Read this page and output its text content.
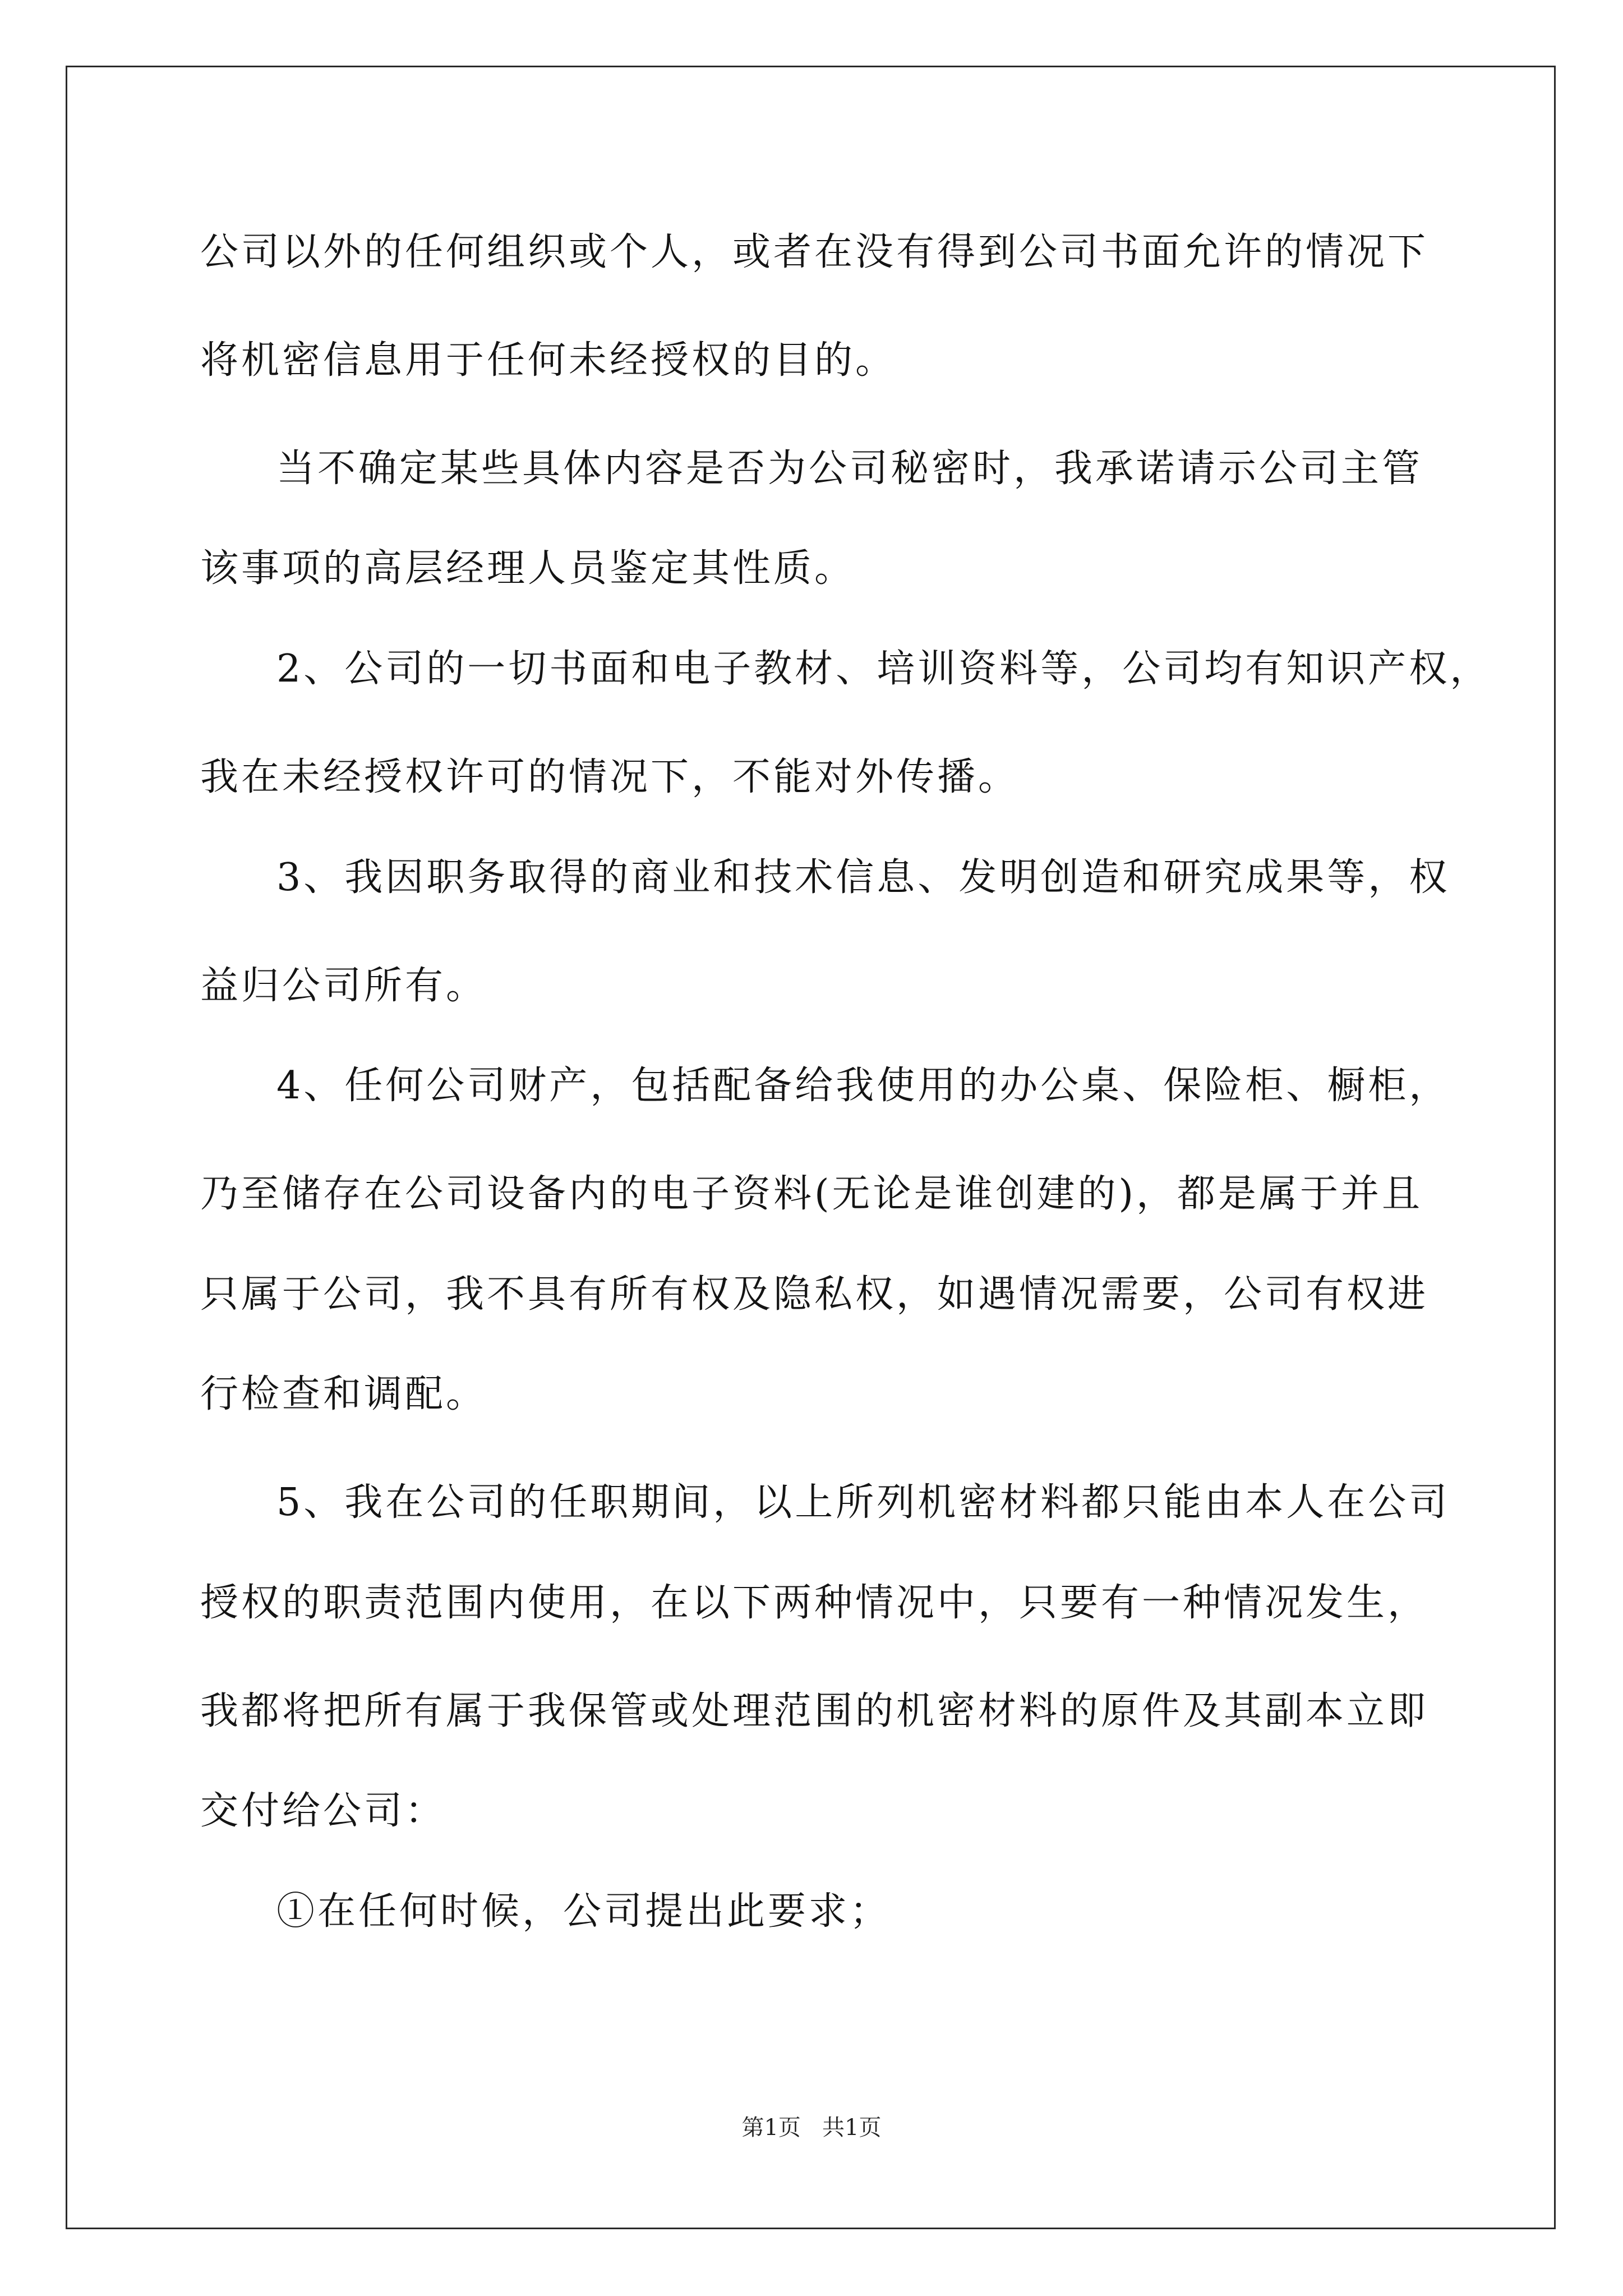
公司以外的任何组织或个人，或者在没有得到公司书面允许的情况下
将机密信息用于任何未经授权的目的。
当不确定某些具体内容是否为公司秘密时，我承诺请示公司主管
该事项的高层经理人员鉴定其性质。
2、公司的一切书面和电子教材、培训资料等，公司均有知识产权，
我在未经授权许可的情况下，不能对外传播。
3、我因职务取得的商业和技术信息、发明创造和研究成果等，权
益归公司所有。
4、任何公司财产，包括配备给我使用的办公桌、保险柜、橱柜，
乃至储存在公司设备内的电子资料(无论是谁创建的)，都是属于并且
只属于公司，我不具有所有权及隐私权，如遇情况需要，公司有权进
行检查和调配。
5、我在公司的任职期间，以上所列机密材料都只能由本人在公司
授权的职责范围内使用，在以下两种情况中，只要有一种情况发生，
我都将把所有属于我保管或处理范围的机密材料的原件及其副本立即
交付给公司：
①在任何时候，公司提出此要求；
第1页   共1页
